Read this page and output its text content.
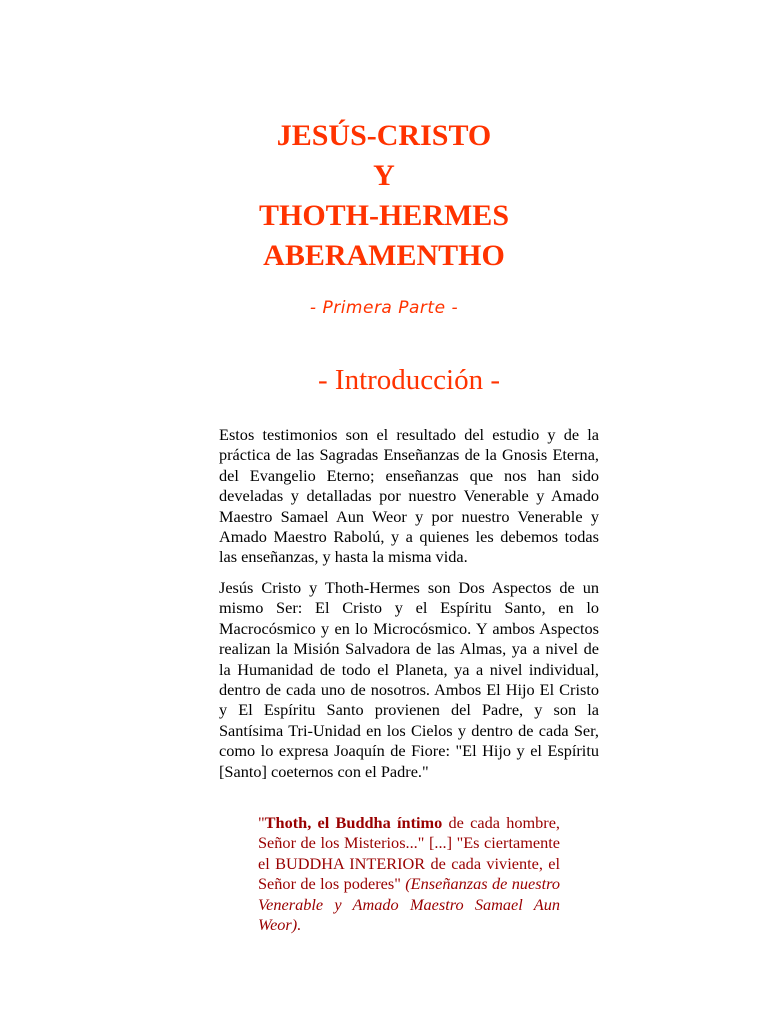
JESÚS-CRISTO

Y

THOTH-HERMES

ABERAMENTHO

- Primera Parte -
- Introducción -

Estos testimonios son el resultado del estudio y de la práctica de las Sagradas Enseñanzas de la Gnosis Eterna, del Evangelio Eterno; enseñanzas que nos han sido develadas y detalladas por nuestro Venerable y Amado Maestro Samael Aun Weor y por nuestro Venerable y Amado Maestro Rabolú, y a quienes les debemos todas las enseñanzas, y hasta la misma vida.

Jesús Cristo y Thoth-Hermes son Dos Aspectos de un mismo Ser: El Cristo y el Espíritu Santo, en lo Macrocósmico y en lo Microcósmico. Y ambos Aspectos realizan la Misión Salvadora de las Almas, ya a nivel de la Humanidad de todo el Planeta, ya a nivel individual, dentro de cada uno de nosotros. Ambos El Hijo El Cristo y El Espíritu Santo provienen del Padre, y son la Santísima Tri-Unidad en los Cielos y dentro de cada Ser, como lo expresa Joaquín de Fiore: "El Hijo y el Espíritu [Santo] coeternos con el Padre."

"Thoth, el Buddha íntimo de cada hombre, Señor de los Misterios..." [...] "Es ciertamente el BUDDHA INTERIOR de cada viviente, el Señor de los poderes" (Enseñanzas de nuestro Venerable y Amado Maestro Samael Aun Weor).
